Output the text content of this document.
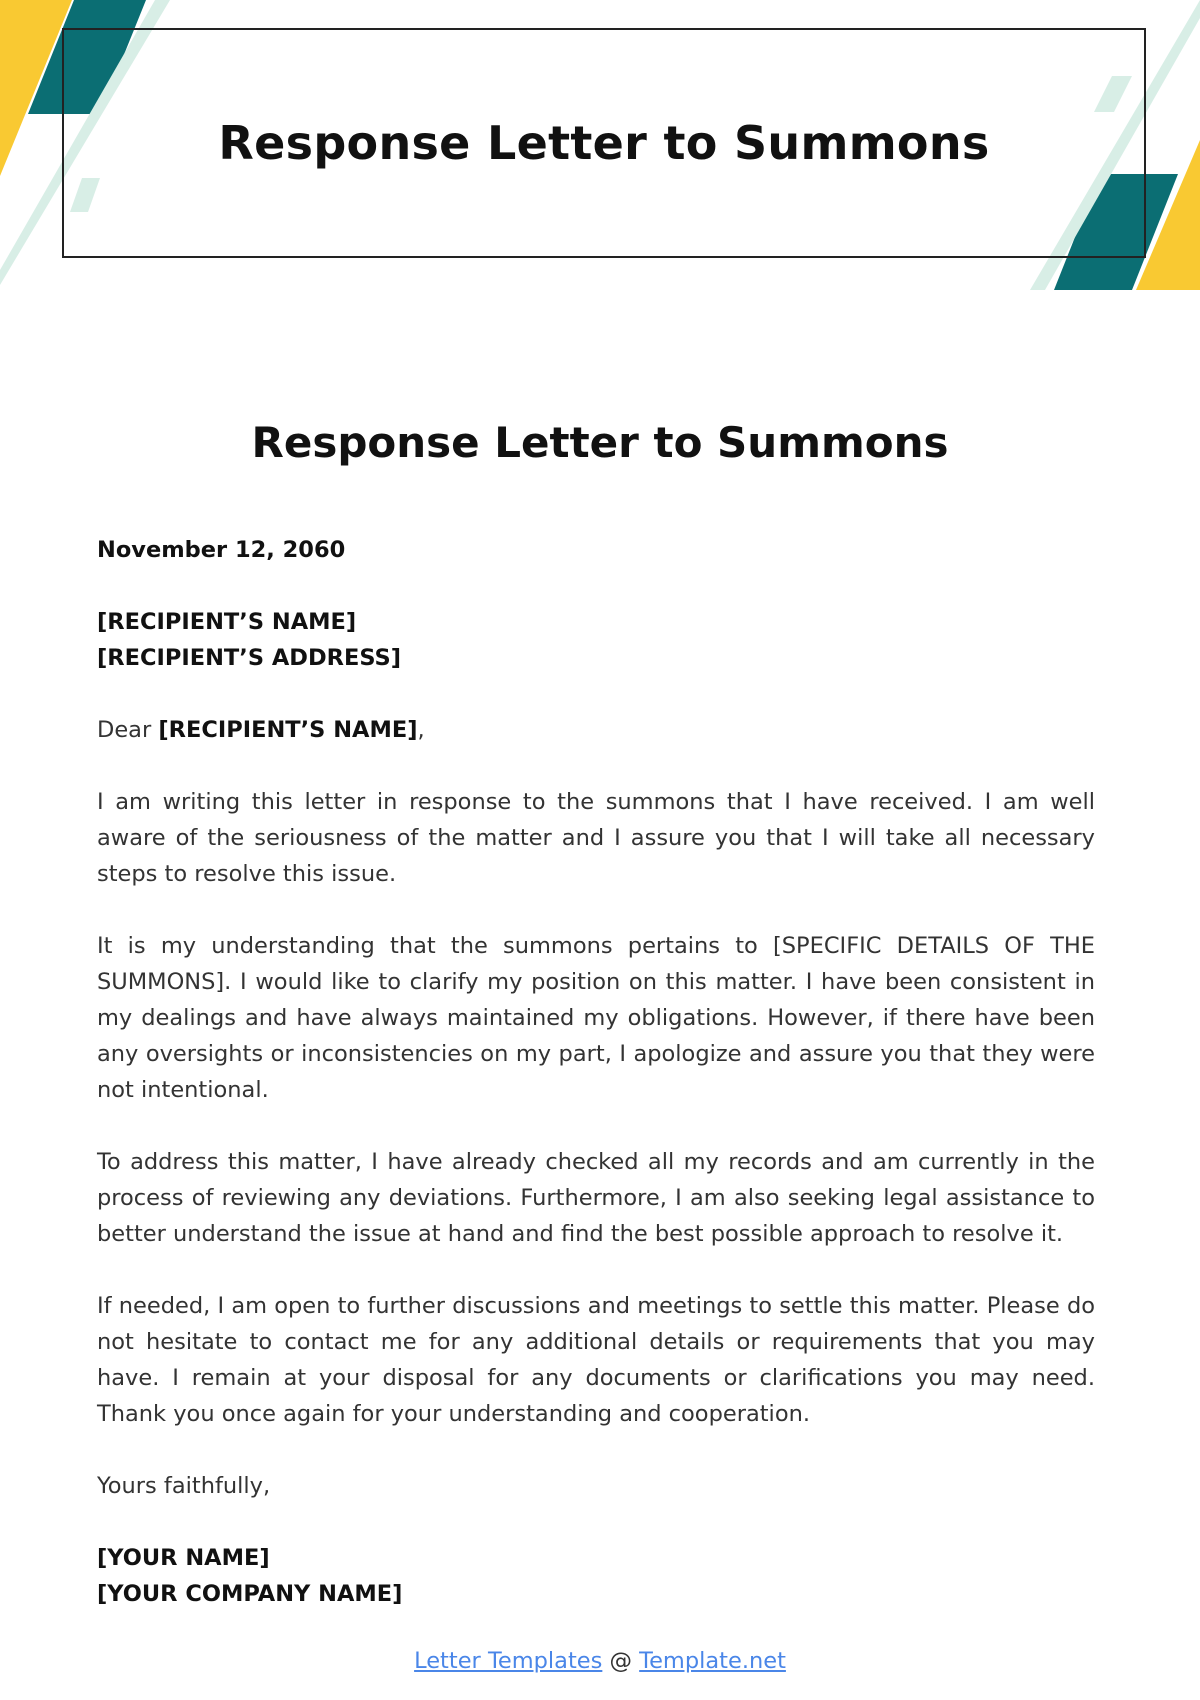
Response Letter to Summons
Response Letter to Summons

November 12, 2060

[RECIPIENT’S NAME]

[RECIPIENT’S ADDRESS]

Dear [RECIPIENT’S NAME],

I am writing this letter in response to the summons that I have received. I am well aware of the seriousness of the matter and I assure you that I will take all necessary steps to resolve this issue.

It is my understanding that the summons pertains to [SPECIFIC DETAILS OF THE SUMMONS]. I would like to clarify my position on this matter. I have been consistent in my dealings and have always maintained my obligations. However, if there have been any oversights or inconsistencies on my part, I apologize and assure you that they were not intentional.

To address this matter, I have already checked all my records and am currently in the process of reviewing any deviations. Furthermore, I am also seeking legal assistance to better understand the issue at hand and find the best possible approach to resolve it.

If needed, I am open to further discussions and meetings to settle this matter. Please do not hesitate to contact me for any additional details or requirements that you may have. I remain at your disposal for any documents or clarifications you may need. Thank you once again for your understanding and cooperation.

Yours faithfully,

[YOUR NAME]

[YOUR COMPANY NAME]

Letter Templates @ Template.net
